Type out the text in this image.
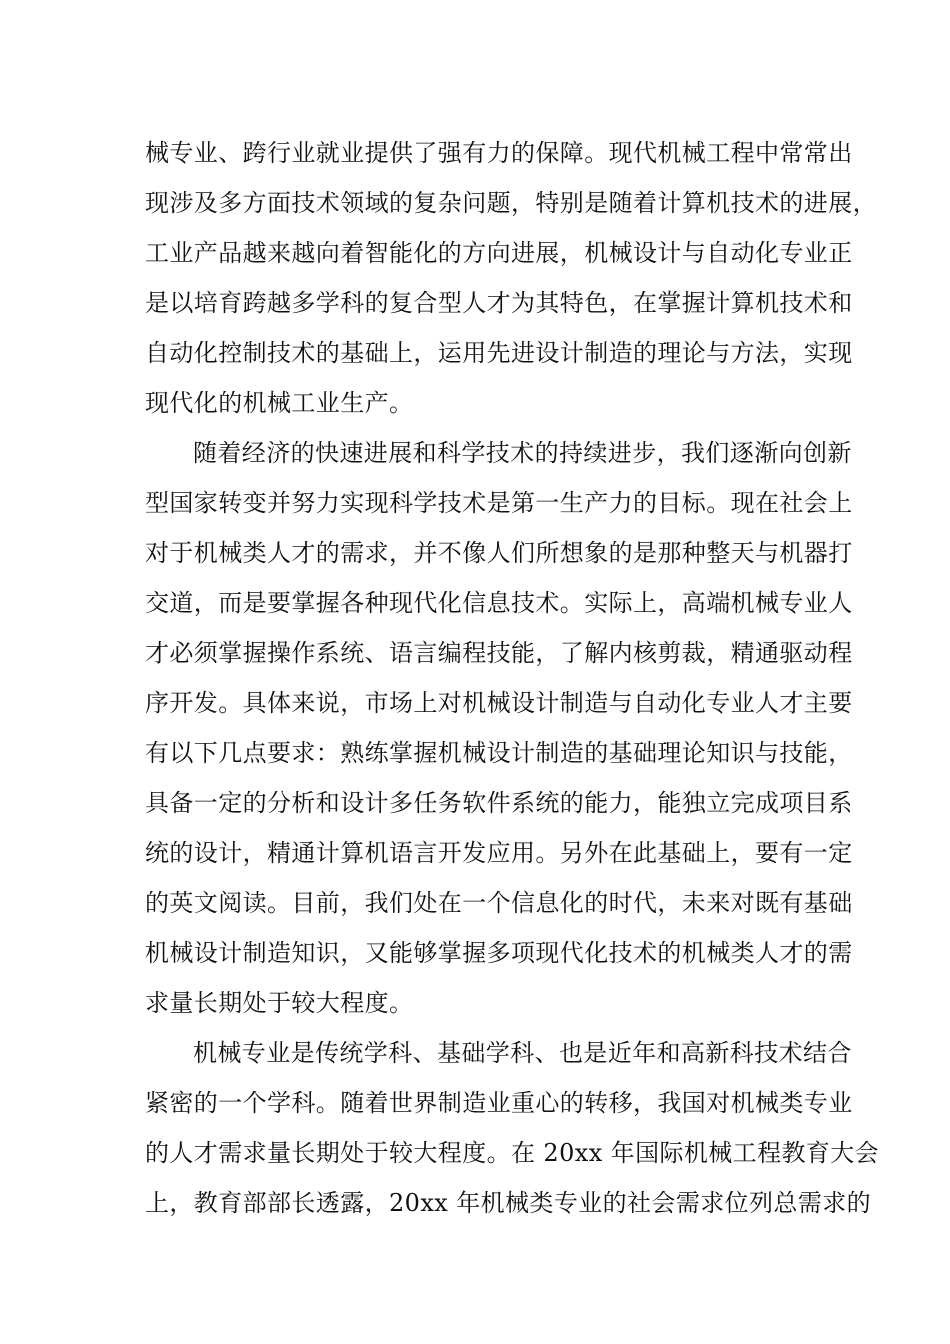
械专业、跨行业就业提供了强有力的保障。现代机械工程中常常出
现涉及多方面技术领域的复杂问题，特别是随着计算机技术的进展，
工业产品越来越向着智能化的方向进展，机械设计与自动化专业正
是以培育跨越多学科的复合型人才为其特色，在掌握计算机技术和
自动化控制技术的基础上，运用先进设计制造的理论与方法，实现
现代化的机械工业生产。
随着经济的快速进展和科学技术的持续进步，我们逐渐向创新
型国家转变并努力实现科学技术是第一生产力的目标。现在社会上
对于机械类人才的需求，并不像人们所想象的是那种整天与机器打
交道，而是要掌握各种现代化信息技术。实际上，高端机械专业人
才必须掌握操作系统、语言编程技能，了解内核剪裁，精通驱动程
序开发。具体来说，市场上对机械设计制造与自动化专业人才主要
有以下几点要求：熟练掌握机械设计制造的基础理论知识与技能，
具备一定的分析和设计多任务软件系统的能力，能独立完成项目系
统的设计，精通计算机语言开发应用。另外在此基础上，要有一定
的英文阅读。目前，我们处在一个信息化的时代，未来对既有基础
机械设计制造知识，又能够掌握多项现代化技术的机械类人才的需
求量长期处于较大程度。
机械专业是传统学科、基础学科、也是近年和高新科技术结合
紧密的一个学科。随着世界制造业重心的转移，我国对机械类专业
的人才需求量长期处于较大程度。在 20xx 年国际机械工程教育大会
上，教育部部长透露，20xx 年机械类专业的社会需求位列总需求的
